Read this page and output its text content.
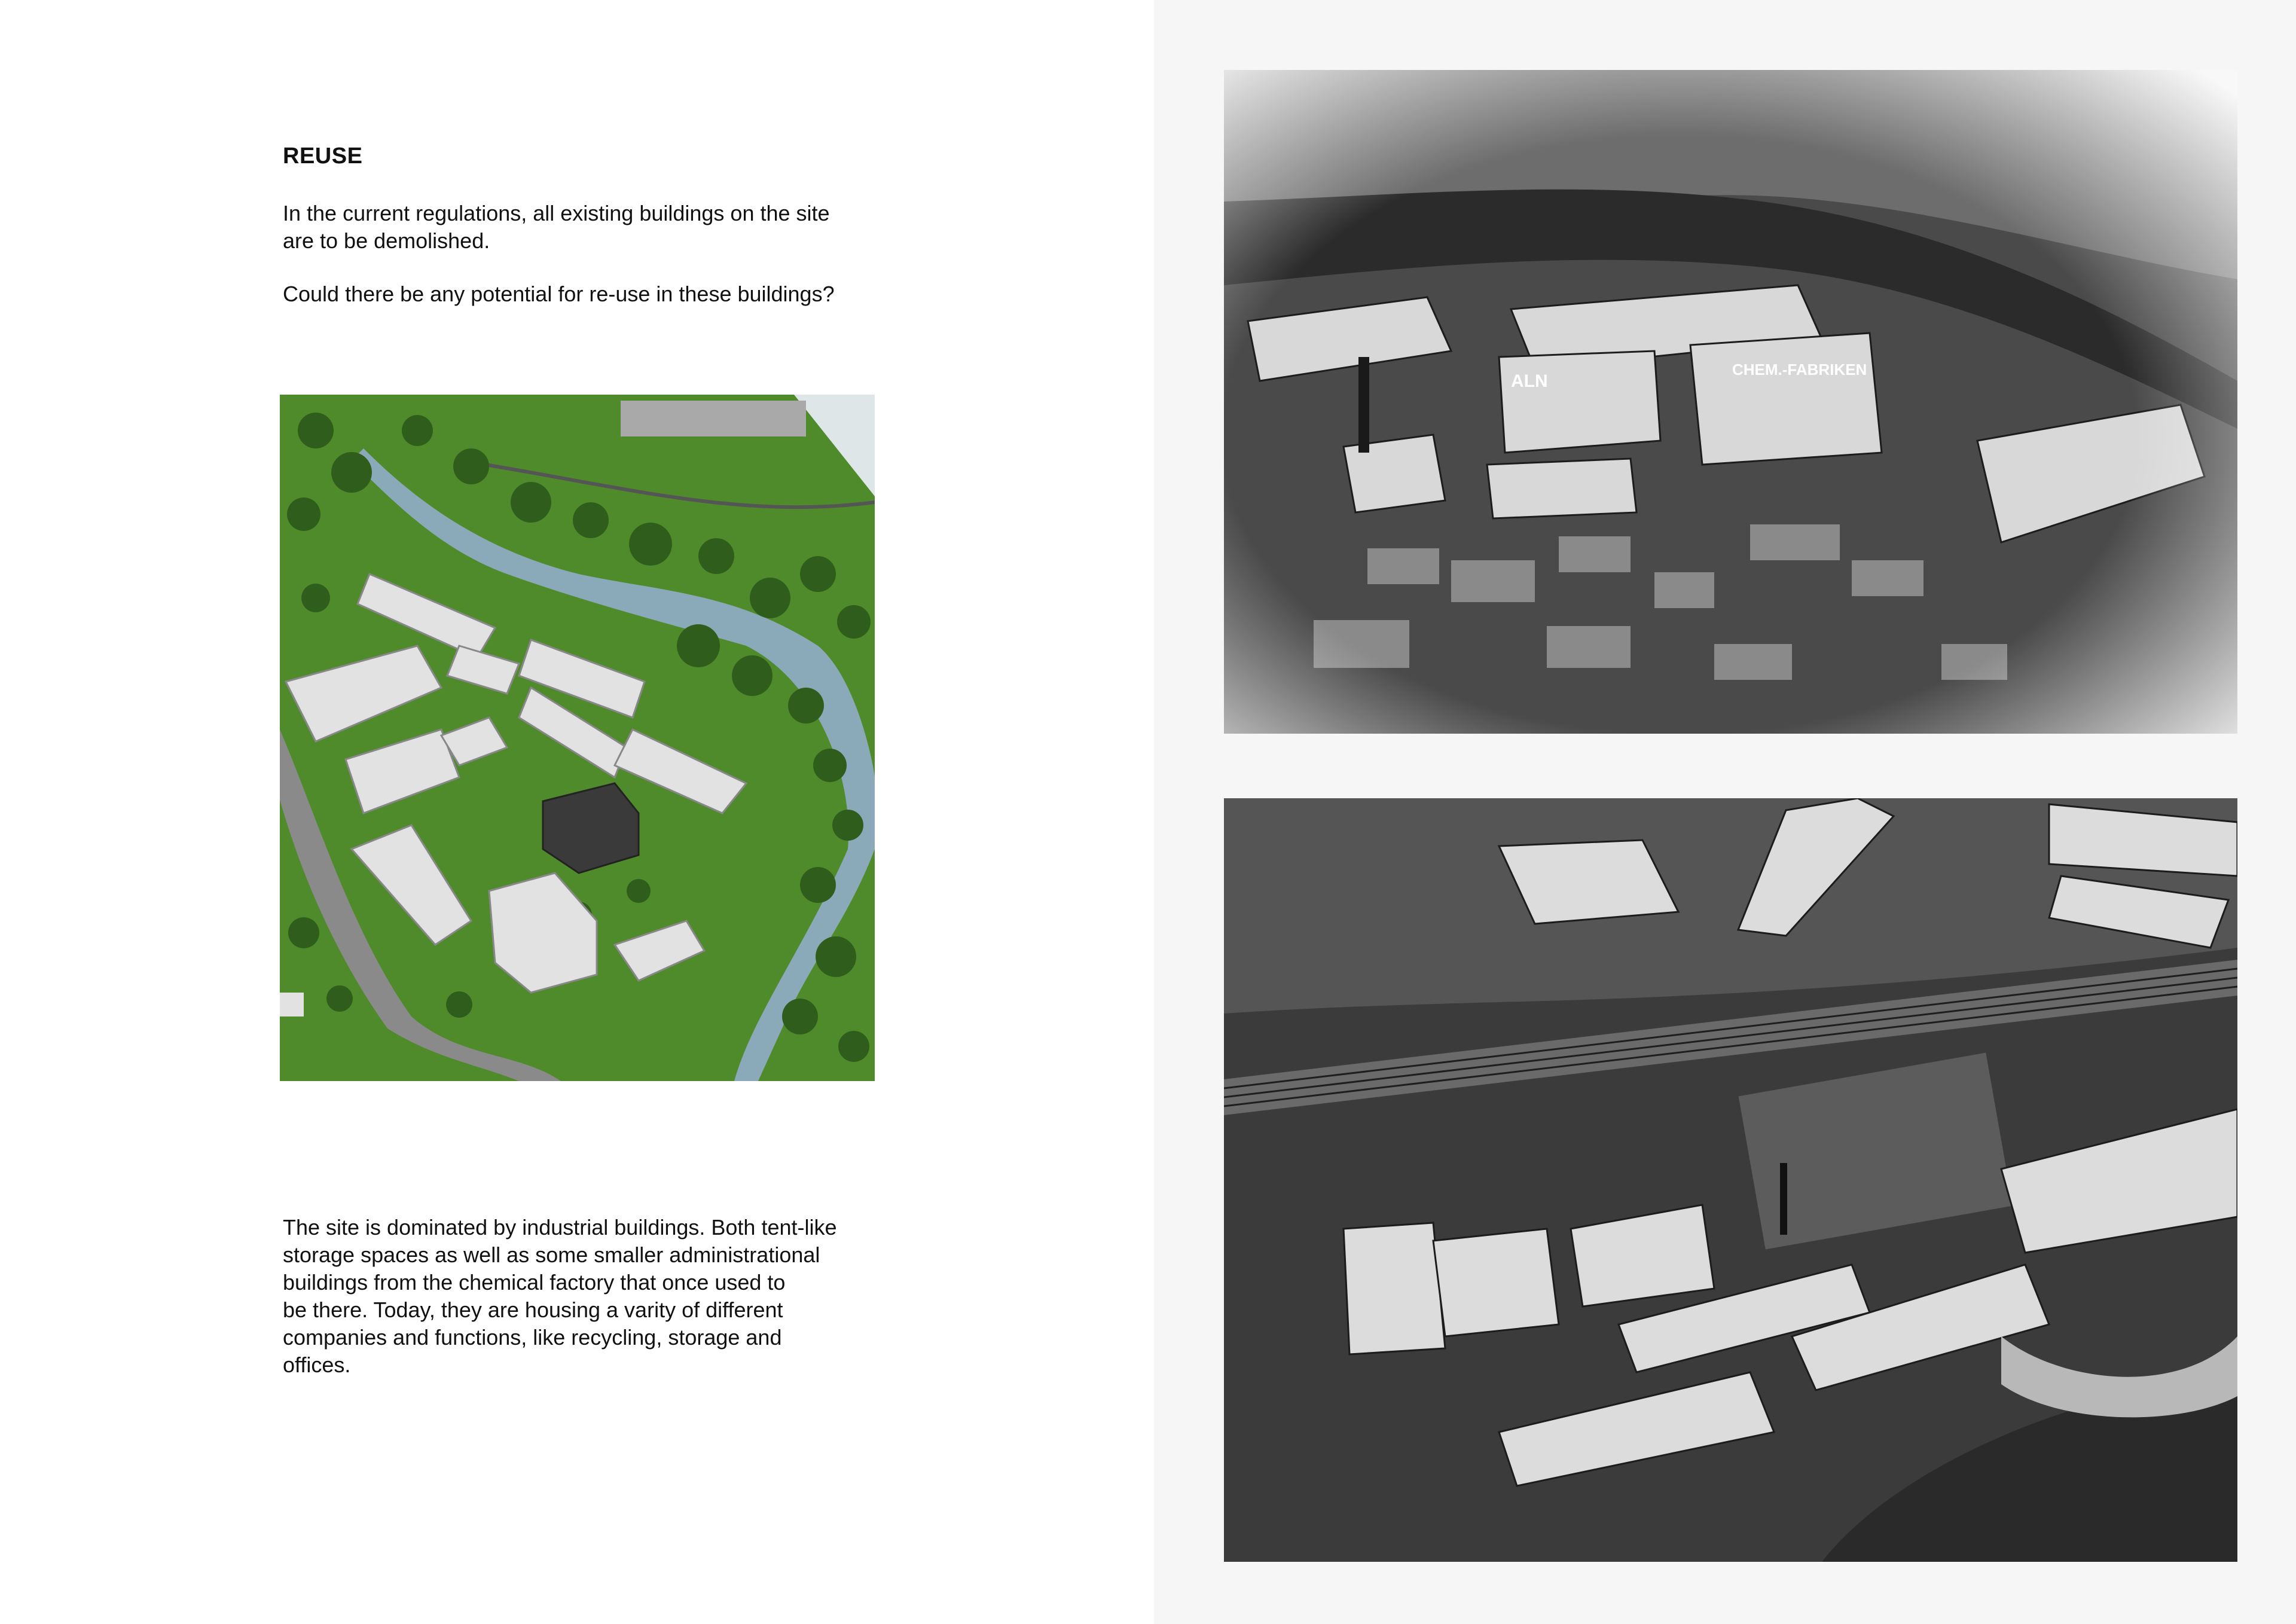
REUSE

In the current regulations, all existing buildings on the site
are to be demolished.

Could there be any potential for re-use in these buildings?

The site is dominated by industrial buildings. Both tent-like
storage spaces as well as some smaller administrational
buildings from the chemical factory that once used to
be there. Today, they are housing a varity of different
companies and functions, like recycling, storage and
offices.
